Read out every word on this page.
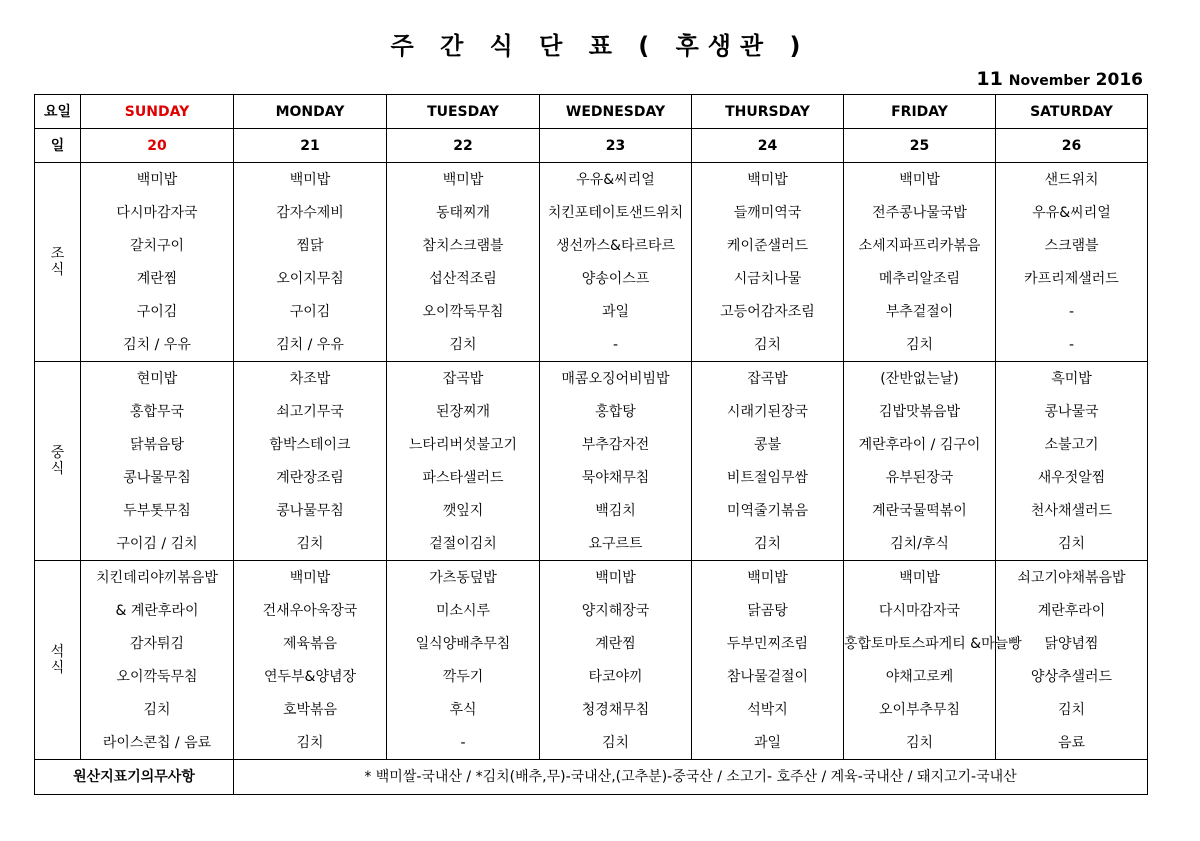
주 간 식 단 표 ( 후생관 )
11 November 2016
요일	SUNDAY	MONDAY	TUESDAY	WEDNESDAY	THURSDAY	FRIDAY	SATURDAY
일	20	21	22	23	24	25	26

조
식	백미밥	백미밥	백미밥	우유&씨리얼	백미밥	백미밥	샌드위치
	다시마감자국	감자수제비	동태찌개	치킨포테이토샌드위치	들깨미역국	전주콩나물국밥	우유&씨리얼
	갈치구이	찜닭	참치스크램블	생선까스&타르타르	케이준샐러드	소세지파프리카볶음	스크램블
	계란찜	오이지무침	섭산적조림	양송이스프	시금치나물	메추리알조림	카프리제샐러드
	구이김	구이김	오이깍둑무침	과일	고등어감자조림	부추겉절이	-
	김치 / 우유	김치 / 우유	김치	-	김치	김치	-

중
식	현미밥	차조밥	잡곡밥	매콤오징어비빔밥	잡곡밥	(잔반없는날)	흑미밥
	홍합무국	쇠고기무국	된장찌개	홍합탕	시래기된장국	김밥맛볶음밥	콩나물국
	닭볶음탕	함박스테이크	느타리버섯불고기	부추감자전	콩불	계란후라이 / 김구이	소불고기
	콩나물무침	계란장조림	파스타샐러드	묵야채무침	비트절임무쌈	유부된장국	새우젓알찜
	두부톳무침	콩나물무침	깻잎지	백김치	미역줄기볶음	계란국물떡볶이	천사채샐러드
	구이김 / 김치	김치	겉절이김치	요구르트	김치	김치/후식	김치

석
식	치킨데리야끼볶음밥	백미밥	가츠동덮밥	백미밥	백미밥	백미밥	쇠고기야채볶음밥
	& 계란후라이	건새우아욱장국	미소시루	양지해장국	닭곰탕	다시마감자국	계란후라이
	감자튀김	제육볶음	일식양배추무침	계란찜	두부민찌조림	홍합토마토스파게티 &마늘빵	닭양념찜
	오이깍둑무침	연두부&양념장	깍두기	타코야끼	참나물겉절이	야채고로케	양상추샐러드
	김치	호박볶음	후식	청경채무침	석박지	오이부추무침	김치
	라이스콘칩 / 음료	김치	-	김치	과일	김치	음료
원산지표기의무사항		* 백미쌀-국내산 / *김치(배추,무)-국내산,(고추분)-중국산 / 소고기- 호주산 / 계육-국내산 / 돼지고기-국내산					
